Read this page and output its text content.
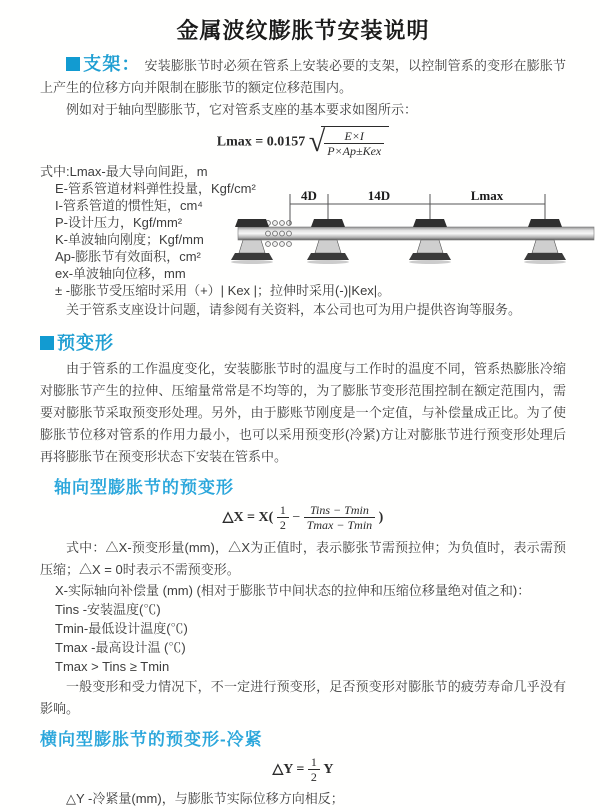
金属波纹膨胀节安装说明

支架： 安装膨胀节时必须在管系上安装必要的支架，以控制管系的变形在膨胀节上产生的位移方向并限制在膨胀节的额定位移范围内。

例如对于轴向型膨胀节，它对管系支座的基本要求如图所示：

Lmax = 0.0157 √ $\frac{E\times I}{\text{P×Ap±Kex}}$
式中:Lmax-最大导向间距，m
E-管系管道材料弹性投量，Kgf/cm²
I-管系管道的惯性矩，cm⁴
P-设计压力，Kgf/mm²
K-单波轴向刚度；Kgf/mm
Ap-膨胀节有效面积，cm²
ex-单波轴向位移，mm
± -膨胀节受压缩时采用（+）| Kex |；拉伸时采用(-)|Kex|。
4D	14D	Lmax

关于管系支座设计问题，请参阅有关资料，本公司也可为用户提供咨询等服务。

预变形

由于管系的工作温度变化，安装膨胀节时的温度与工作时的温度不同，管系热膨胀冷缩对膨胀节产生的拉伸、压缩量常常是不均等的，为了膨胀节变形范围控制在额定范围内，需要对膨胀节采取预变形处理。另外，由于膨账节刚度是一个定值，与补偿量成正比。为了使膨胀节位移对管系的作用力最小，也可以采用预变形(冷紧)方让对膨胀节进行预变形处理后再将膨胀节在预变形状态下安装在管系中。

轴向型膨胀节的预变形
△X = $X( \frac{1}{2} - \frac{\text{Tins − Tmin}}{Tmax - Tmin}$ )

式中：△X-预变形量(mm)，△X为正值时，表示膨张节需预拉伸；为负值时，表示需预压缩；△X = 0时表示不需预变形。

X-实际轴向补偿量 (mm) (相对于膨胀节中间状态的拉伸和压缩位移量绝对值之和)：
Tins -安装温度(℃)
Tmin-最低设计温度(℃)
Tmax -最高设计温 (℃)
Tmax > Tins ≥ Tmin

一般变形和受力情况下，不一定进行预变形，足否预变形对膨胀节的疲劳寿命几乎没有影响。

横向型膨胀节的预变形-冷紧
△Y = $\frac{1}{2}$ Y

△Y -冷紧量(mm)，与膨胀节实际位移方向相反；
